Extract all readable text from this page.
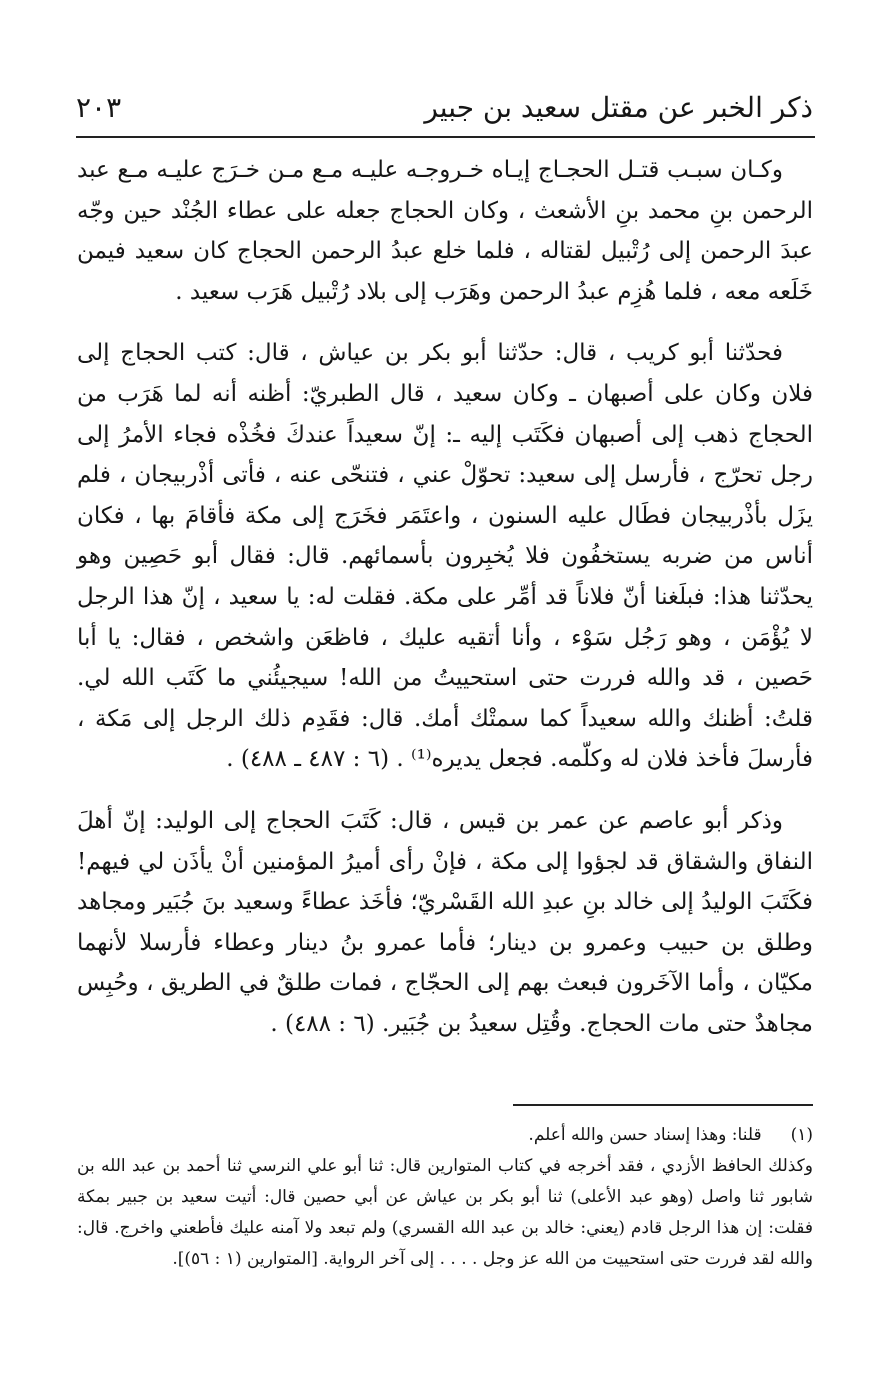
ذكر الخبر عن مقتل سعيد بن جبير
٢٠٣

وكـان سبـب قتـل الحجـاج إيـاه خـروجـه عليـه مـع مـن خـرَج عليـه مـع عبد الرحمن بنِ محمد بنِ الأشعث ، وكان الحجاج جعله على عطاء الجُنْد حين وجّه عبدَ الرحمن إلى رُتْبيل لقتاله ، فلما خلع عبدُ الرحمن الحجاج كان سعيد فيمن خَلَعه معه ، فلما هُزِم عبدُ الرحمن وهَرَب إلى بلاد رُتْبيل هَرَب سعيد .

فحدّثنا أبو كريب ، قال: حدّثنا أبو بكر بن عياش ، قال: كتب الحجاج إلى فلان وكان على أصبهان ـ وكان سعيد ، قال الطبريّ: أظنه أنه لما هَرَب من الحجاج ذهب إلى أصبهان فكَتَب إليه ـ: إنّ سعيداً عندكَ فخُذْه فجاء الأمرُ إلى رجل تحرّج ، فأرسل إلى سعيد: تحوّلْ عني ، فتنحّى عنه ، فأتى أذْربيجان ، فلم يزَل بأذْربيجان فطَال عليه السنون ، واعتَمَر فخَرَج إلى مكة فأقامَ بها ، فكان أناس من ضربه يستخفُون فلا يُخبِرون بأسمائهم. قال: فقال أبو حَصِين وهو يحدّثنا هذا: فبلَغنا أنّ فلاناً قد أمِّر على مكة. فقلت له: يا سعيد ، إنّ هذا الرجل لا يُؤْمَن ، وهو رَجُل سَوْء ، وأنا أتقيه عليك ، فاظعَن واشخص ، فقال: يا أبا حَصين ، قد والله فررت حتى استحييتُ من الله! سيجيئُني ما كَتَب الله لي. قلتُ: أظنك والله سعيداً كما سمتْك أمك. قال: فقَدِم ذلك الرجل إلى مَكة ، فأرسلَ فأخذ فلان له وكلّمه. فجعل يديره⁽¹⁾ . (٦ : ٤٨٧ ـ ٤٨٨) .

وذكر أبو عاصم عن عمر بن قيس ، قال: كَتَبَ الحجاج إلى الوليد: إنّ أهلَ النفاق والشقاق قد لجؤوا إلى مكة ، فإنْ رأى أميرُ المؤمنين أنْ يأذَن لي فيهم! فكَتَبَ الوليدُ إلى خالد بنِ عبدِ الله القَسْريّ؛ فأخَذ عطاءً وسعيد بنَ جُبَير ومجاهد وطلق بن حبيب وعمرو بن دينار؛ فأما عمرو بنُ دينار وعطاء فأرسلا لأنهما مكيّان ، وأما الآخَرون فبعث بهم إلى الحجّاج ، فمات طلقٌ في الطريق ، وحُبِس مجاهدٌ حتى مات الحجاج. وقُتِل سعيدُ بن جُبَير. (٦ : ٤٨٨) .

(١) قلنا: وهذا إسناد حسن والله أعلم.

وكذلك الحافظ الأزدي ، فقد أخرجه في كتاب المتوارين قال: ثنا أبو علي النرسي ثنا أحمد بن عبد الله بن شابور ثنا واصل (وهو عبد الأعلى) ثنا أبو بكر بن عياش عن أبي حصين قال: أتيت سعيد بن جبير بمكة فقلت: إن هذا الرجل قادم (يعني: خالد بن عبد الله القسري) ولم تبعد ولا آمنه عليك فأطعني واخرج. قال: والله لقد فررت حتى استحييت من الله عز وجل . . . . إلى آخر الرواية. [المتوارين (١ : ٥٦)].
